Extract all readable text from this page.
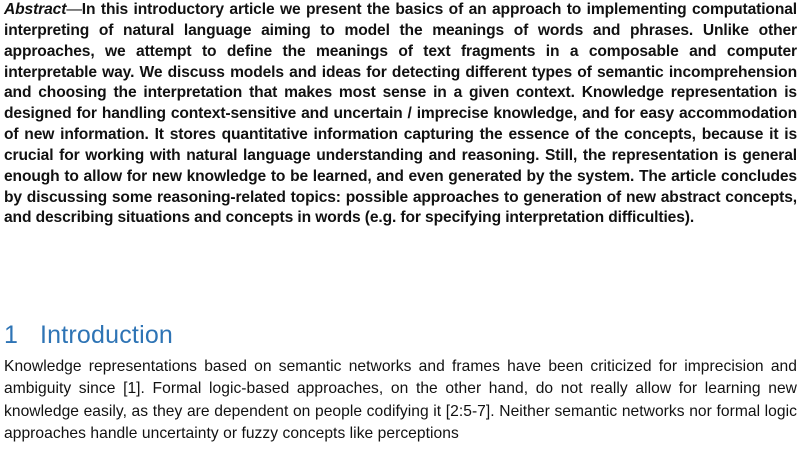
Abstract—In this introductory article we present the basics of an approach to implementing computational interpreting of natural language aiming to model the meanings of words and phrases. Unlike other approaches, we attempt to define the meanings of text fragments in a composable and computer interpretable way. We discuss models and ideas for detecting different types of semantic incomprehension and choosing the interpretation that makes most sense in a given context. Knowledge representation is designed for handling context-sensitive and uncertain / imprecise knowledge, and for easy accommodation of new information. It stores quantitative information capturing the essence of the concepts, because it is crucial for working with natural language understanding and reasoning. Still, the representation is general enough to allow for new knowledge to be learned, and even generated by the system. The article concludes by discussing some reasoning-related topics: possible approaches to generation of new abstract concepts, and describing situations and concepts in words (e.g. for specifying interpretation difficulties).

1 Introduction

Knowledge representations based on semantic networks and frames have been criticized for imprecision and ambiguity since [1]. Formal logic-based approaches, on the other hand, do not really allow for learning new knowledge easily, as they are dependent on people codifying it [2:5-7]. Neither semantic networks nor formal logic approaches handle uncertainty or fuzzy concepts like perceptions
